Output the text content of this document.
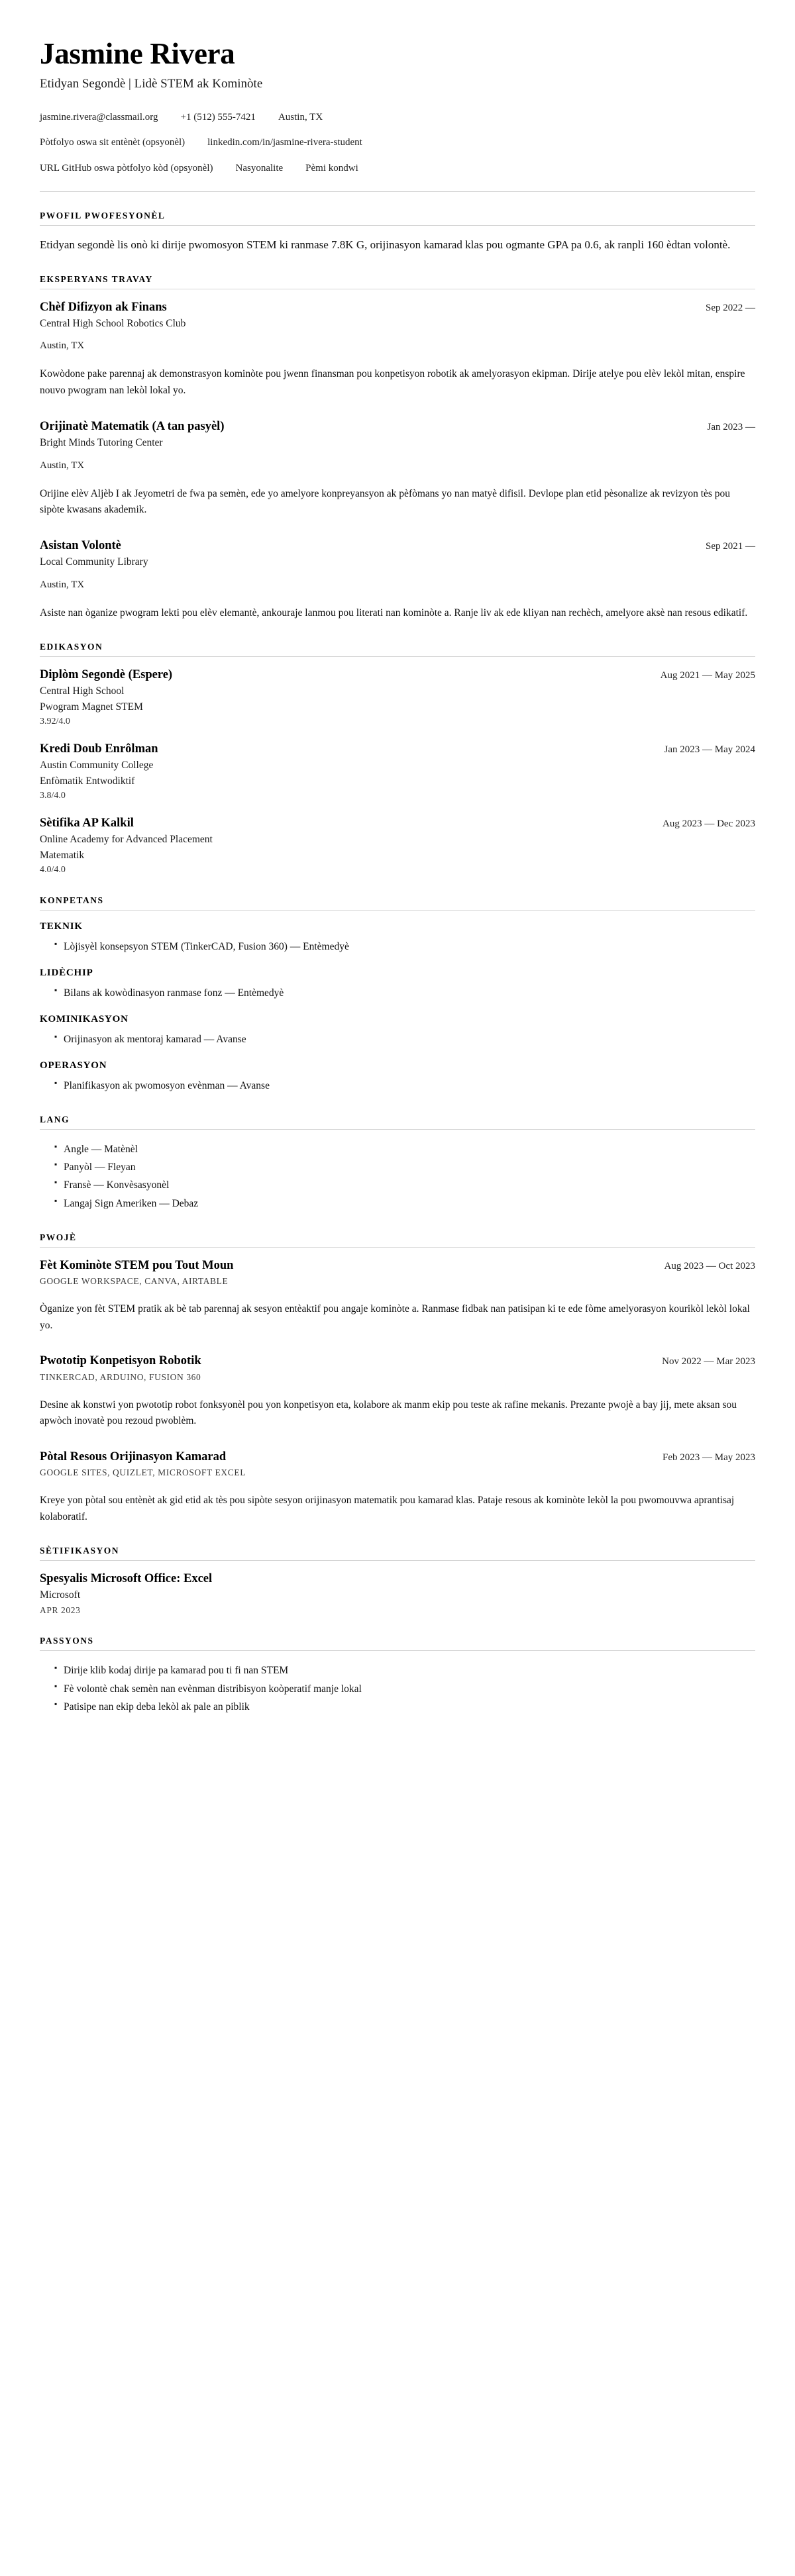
Jasmine Rivera
Etidyan Segondè | Lidè STEM ak Kominòte
jasmine.rivera@classmail.org +1 (512) 555-7421 Austin, TX
Pòtfolyo oswa sit entènèt (opsyonèl) linkedin.com/in/jasmine-rivera-student
URL GitHub oswa pòtfolyo kòd (opsyonèl) Nasyonalite Pèmi kondwi
PWOFIL PWOFESYONÈL

Etidyan segondè lis onò ki dirije pwomosyon STEM ki ranmase 7.8K G, orijinasyon kamarad klas pou ogmante GPA pa 0.6, ak ranpli 160 èdtan volontè.

EKSPERYANS TRAVAY
Chèf Difizyon ak Finans	Sep 2022 —
Central High School Robotics Club
Austin, TX
Kowòdone pake parennaj ak demonstrasyon kominòte pou jwenn finansman pou konpetisyon robotik ak amelyorasyon ekipman. Dirije atelye pou elèv lekòl mitan, enspire nouvo pwogram nan lekòl lokal yo.
Orijinatè Matematik (A tan pasyèl)	Jan 2023 —
Bright Minds Tutoring Center
Austin, TX
Orijine elèv Aljèb I ak Jeyometri de fwa pa semèn, ede yo amelyore konpreyansyon ak pèfòmans yo nan matyè difisil. Devlope plan etid pèsonalize ak revizyon tès pou sipòte kwasans akademik.
Asistan Volontè	Sep 2021 —
Local Community Library
Austin, TX
Asiste nan òganize pwogram lekti pou elèv elemantè, ankouraje lanmou pou literati nan kominòte a. Ranje liv ak ede kliyan nan rechèch, amelyore aksè nan resous edikatif.
EDIKASYON
Diplòm Segondè (Espere)	Aug 2021 — May 2025
Central High School
Pwogram Magnet STEM
3.92/4.0
Kredi Doub Enrôlman	Jan 2023 — May 2024
Austin Community College
Enfòmatik Entwodiktif
3.8/4.0
Sètifika AP Kalkil	Aug 2023 — Dec 2023
Online Academy for Advanced Placement
Matematik
4.0/4.0
KONPETANS
TEKNIK
▪ Lòjisyèl konsepsyon STEM (TinkerCAD, Fusion 360) — Entèmedyè
LIDÈCHIP
▪ Bilans ak kowòdinasyon ranmase fonz — Entèmedyè
KOMINIKASYON
▪ Orijinasyon ak mentoraj kamarad — Avanse
OPERASYON
▪ Planifikasyon ak pwomosyon evènman — Avanse
LANG
▪ Angle — Matènèl
▪ Panyòl — Fleyan
▪ Fransè — Konvèsasyonèl
▪ Langaj Sign Ameriken — Debaz
PWOJÈ
Fèt Kominòte STEM pou Tout Moun	Aug 2023 — Oct 2023
GOOGLE WORKSPACE, CANVA, AIRTABLE
Òganize yon fèt STEM pratik ak bè tab parennaj ak sesyon entèaktif pou angaje kominòte a. Ranmase fidbak nan patisipan ki te ede fòme amelyorasyon kourikòl lekòl lokal yo.
Pwototip Konpetisyon Robotik	Nov 2022 — Mar 2023
TINKERCAD, ARDUINO, FUSION 360
Desine ak konstwi yon pwototip robot fonksyonèl pou yon konpetisyon eta, kolabore ak manm ekip pou teste ak rafine mekanis. Prezante pwojè a bay jij, mete aksan sou apwòch inovatè pou rezoud pwoblèm.
Pòtal Resous Orijinasyon Kamarad	Feb 2023 — May 2023
GOOGLE SITES, QUIZLET, MICROSOFT EXCEL
Kreye yon pòtal sou entènèt ak gid etid ak tès pou sipòte sesyon orijinasyon matematik pou kamarad klas. Pataje resous ak kominòte lekòl la pou pwomouvwa aprantisaj kolaboratif.
SÈTIFIKASYON
Spesyalis Microsoft Office: Excel
Microsoft
APR 2023
PASSYONS
▪ Dirije klib kodaj dirije pa kamarad pou ti fi nan STEM
▪ Fè volontè chak semèn nan evènman distribisyon koòperatif manje lokal
▪ Patisipe nan ekip deba lekòl ak pale an piblik
